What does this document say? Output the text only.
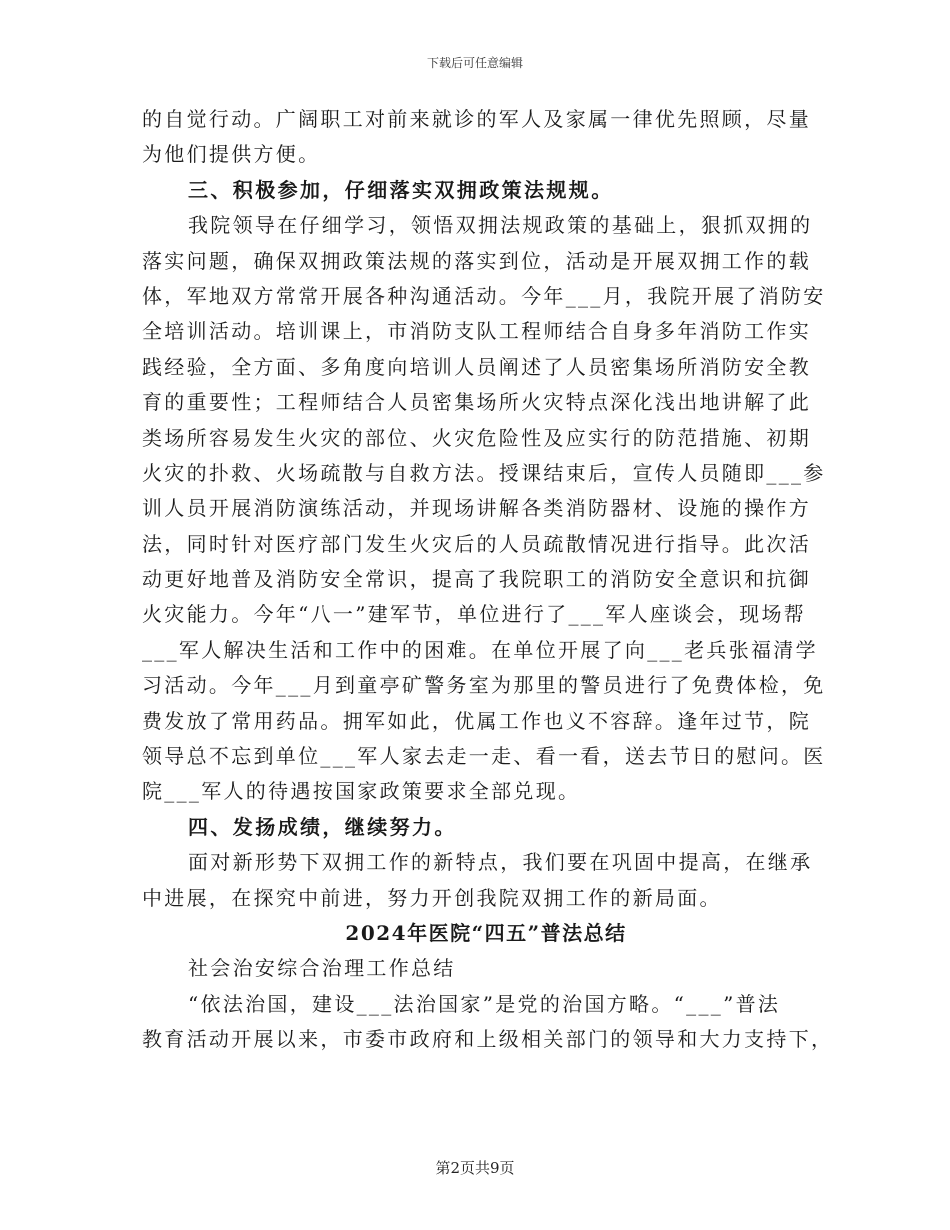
下载后可任意编辑
的自觉行动。广阔职工对前来就诊的军人及家属一律优先照顾，尽量
为他们提供方便。
三、积极参加，仔细落实双拥政策法规规。
我院领导在仔细学习，领悟双拥法规政策的基础上，狠抓双拥的
落实问题，确保双拥政策法规的落实到位，活动是开展双拥工作的载
体，军地双方常常开展各种沟通活动。今年___月，我院开展了消防安
全培训活动。培训课上，市消防支队工程师结合自身多年消防工作实
践经验，全方面、多角度向培训人员阐述了人员密集场所消防安全教
育的重要性；工程师结合人员密集场所火灾特点深化浅出地讲解了此
类场所容易发生火灾的部位、火灾危险性及应实行的防范措施、初期
火灾的扑救、火场疏散与自救方法。授课结束后，宣传人员随即___参
训人员开展消防演练活动，并现场讲解各类消防器材、设施的操作方
法，同时针对医疗部门发生火灾后的人员疏散情况进行指导。此次活
动更好地普及消防安全常识，提高了我院职工的消防安全意识和抗御
火灾能力。今年“八一”建军节，单位进行了___军人座谈会，现场帮
___军人解决生活和工作中的困难。在单位开展了向___老兵张福清学
习活动。今年___月到童亭矿警务室为那里的警员进行了免费体检，免
费发放了常用药品。拥军如此，优属工作也义不容辞。逢年过节，院
领导总不忘到单位___军人家去走一走、看一看，送去节日的慰问。医
院___军人的待遇按国家政策要求全部兑现。
四、发扬成绩，继续努力。
面对新形势下双拥工作的新特点，我们要在巩固中提高，在继承
中进展，在探究中前进，努力开创我院双拥工作的新局面。
2024年医院“四五”普法总结
社会治安综合治理工作总结
“依法治国，建设___法治国家”是党的治国方略。“___”普法
教育活动开展以来，市委市政府和上级相关部门的领导和大力支持下，
第2页共9页
